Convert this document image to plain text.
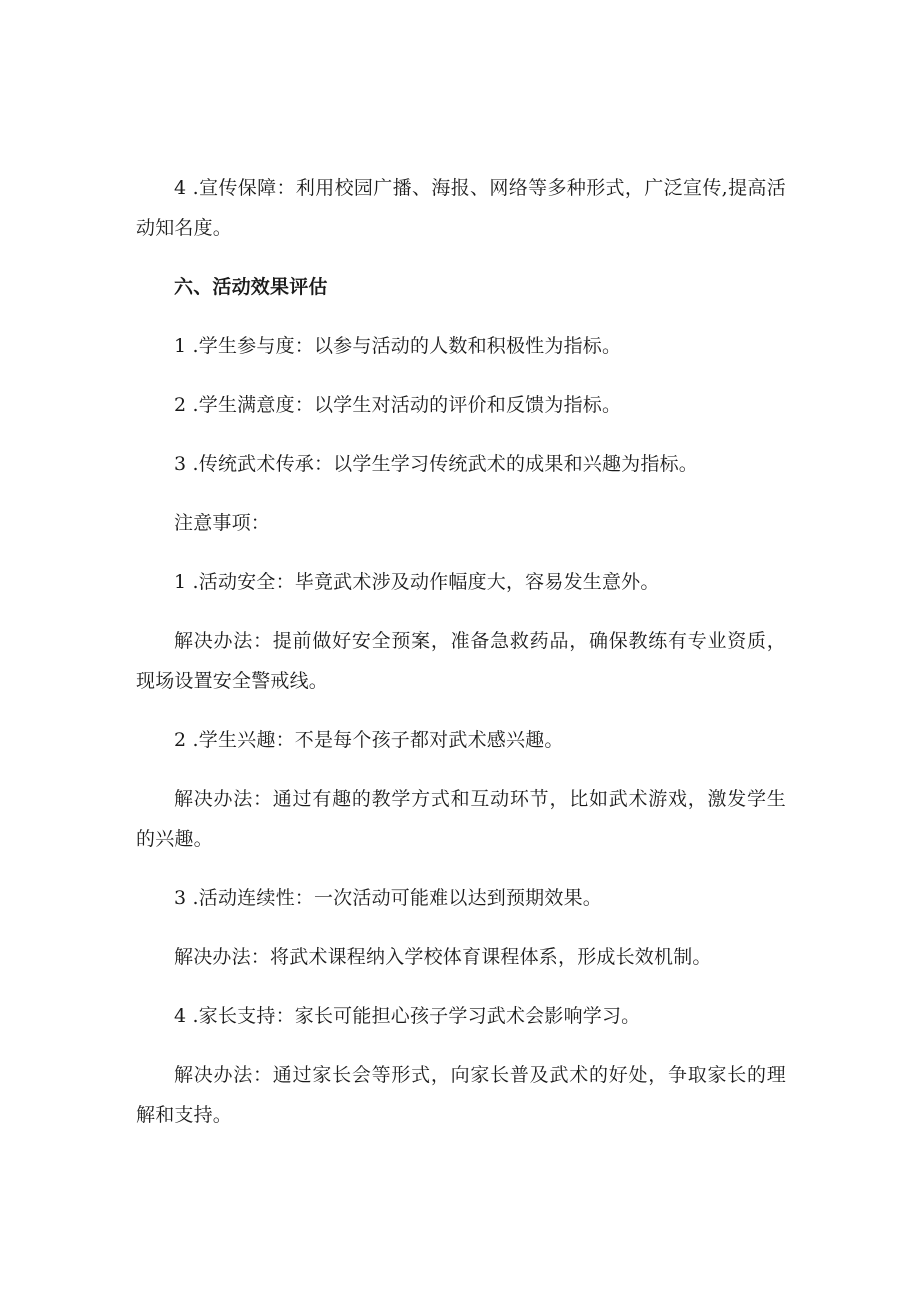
4 .宣传保障：利用校园广播、海报、网络等多种形式，广泛宣传,提高活动知名度。

六、活动效果评估

1 .学生参与度：以参与活动的人数和积极性为指标。

2 .学生满意度：以学生对活动的评价和反馈为指标。

3 .传统武术传承：以学生学习传统武术的成果和兴趣为指标。

注意事项：

1 .活动安全：毕竟武术涉及动作幅度大，容易发生意外。

解决办法：提前做好安全预案，准备急救药品，确保教练有专业资质，现场设置安全警戒线。

2 .学生兴趣：不是每个孩子都对武术感兴趣。

解决办法：通过有趣的教学方式和互动环节，比如武术游戏，激发学生的兴趣。

3 .活动连续性：一次活动可能难以达到预期效果。

解决办法：将武术课程纳入学校体育课程体系，形成长效机制。

4 .家长支持：家长可能担心孩子学习武术会影响学习。

解决办法：通过家长会等形式，向家长普及武术的好处，争取家长的理解和支持。
